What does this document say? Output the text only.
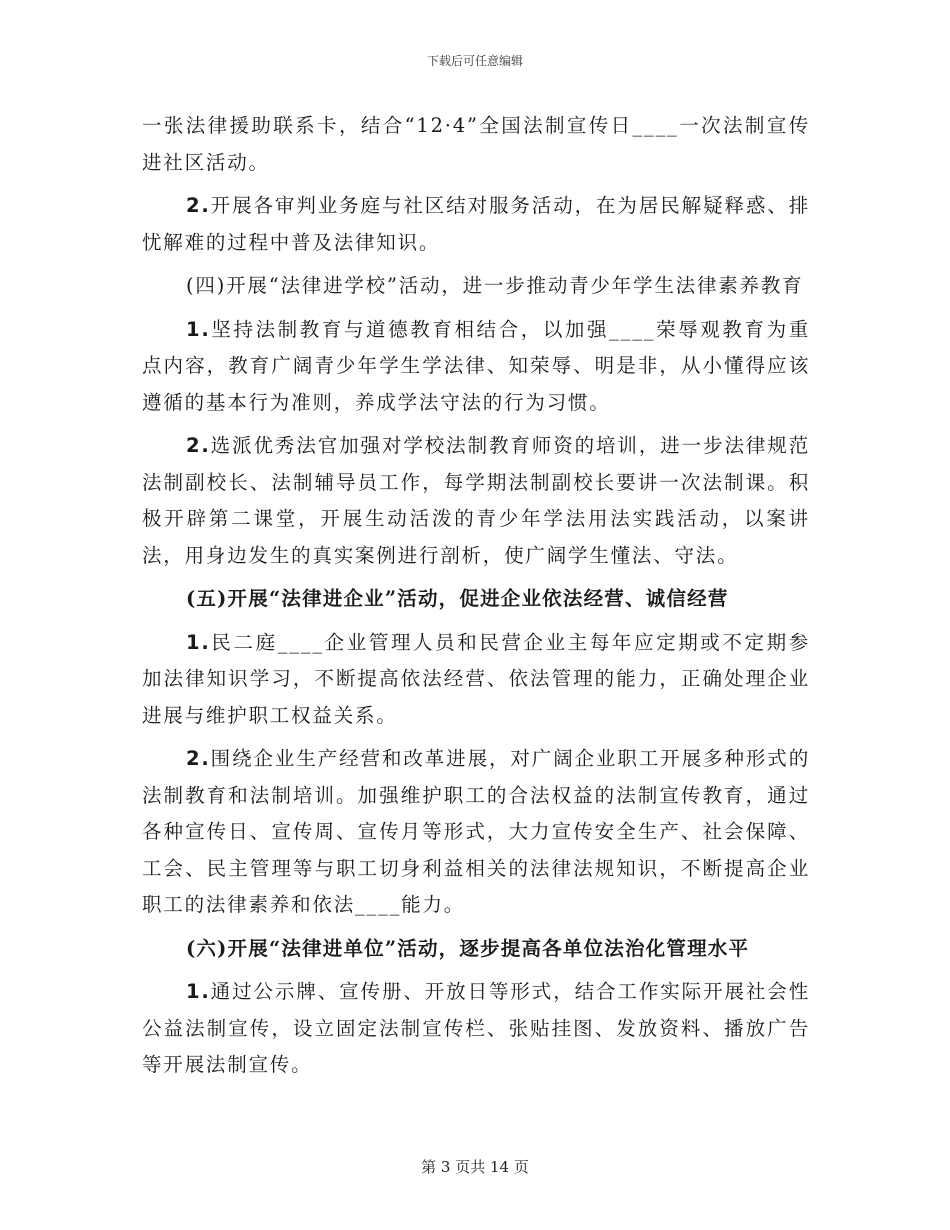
下载后可任意编辑

一张法律援助联系卡，结合“12·4”全国法制宣传日____一次法制宣传进社区活动。

2.开展各审判业务庭与社区结对服务活动，在为居民解疑释惑、排忧解难的过程中普及法律知识。

(四)开展“法律进学校”活动，进一步推动青少年学生法律素养教育

1.坚持法制教育与道德教育相结合，以加强____荣辱观教育为重点内容，教育广阔青少年学生学法律、知荣辱、明是非，从小懂得应该遵循的基本行为准则，养成学法守法的行为习惯。

2.选派优秀法官加强对学校法制教育师资的培训，进一步法律规范法制副校长、法制辅导员工作，每学期法制副校长要讲一次法制课。积极开辟第二课堂，开展生动活泼的青少年学法用法实践活动，以案讲法，用身边发生的真实案例进行剖析，使广阔学生懂法、守法。

(五)开展“法律进企业”活动，促进企业依法经营、诚信经营

1.民二庭____企业管理人员和民营企业主每年应定期或不定期参加法律知识学习，不断提高依法经营、依法管理的能力，正确处理企业进展与维护职工权益关系。

2.围绕企业生产经营和改革进展，对广阔企业职工开展多种形式的法制教育和法制培训。加强维护职工的合法权益的法制宣传教育，通过各种宣传日、宣传周、宣传月等形式，大力宣传安全生产、社会保障、工会、民主管理等与职工切身利益相关的法律法规知识，不断提高企业职工的法律素养和依法____能力。

(六)开展“法律进单位”活动，逐步提高各单位法治化管理水平

1.通过公示牌、宣传册、开放日等形式，结合工作实际开展社会性公益法制宣传，设立固定法制宣传栏、张贴挂图、发放资料、播放广告等开展法制宣传。

第 3 页共 14 页
